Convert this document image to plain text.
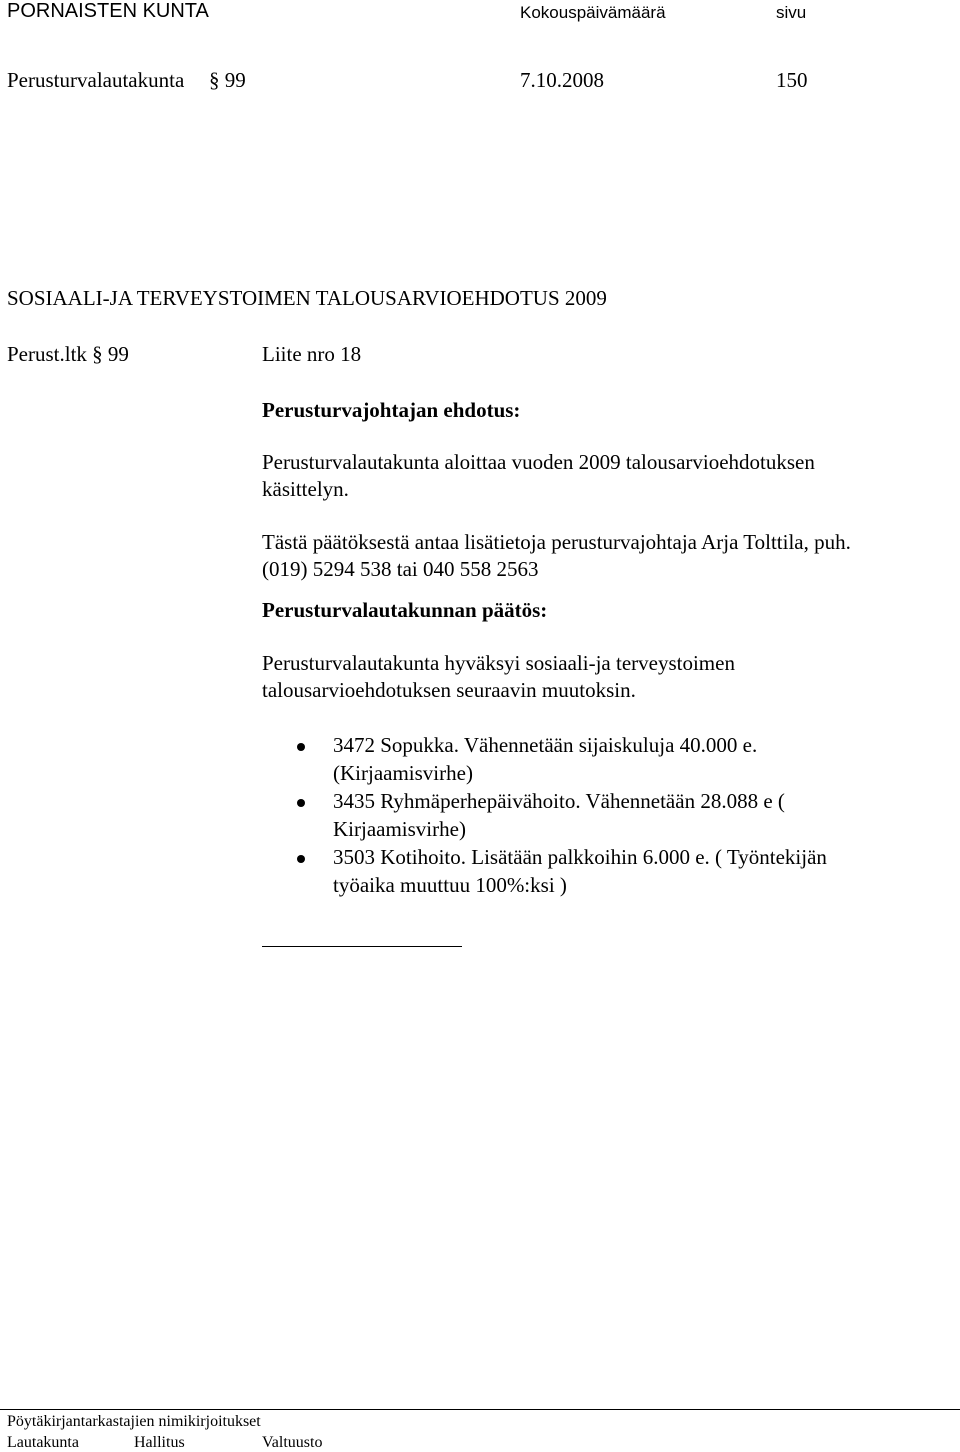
PORNAISTEN KUNTA	Kokouspäivämäärä	sivu
Perusturvalautakunta § 99	7.10.2008	150
SOSIAALI-JA TERVEYSTOIMEN TALOUSARVIOEHDOTUS 2009
Perust.ltk § 99	Liite nro 18
Perusturvajohtajan ehdotus:
Perusturvalautakunta aloittaa vuoden 2009 talousarvioehdotuksen
käsittelyn.
Tästä päätöksestä antaa lisätietoja perusturvajohtaja Arja Tolttila, puh.
(019) 5294 538 tai 040 558 2563
Perusturvalautakunnan päätös:
Perusturvalautakunta hyväksyi sosiaali-ja terveystoimen
talousarvioehdotuksen seuraavin muutoksin.
3472 Sopukka. Vähennetään sijaiskuluja 40.000 e.
(Kirjaamisvirhe)
3435 Ryhmäperhepäivähoito. Vähennetään 28.088 e (
Kirjaamisvirhe)
3503 Kotihoito. Lisätään palkkoihin 6.000 e. ( Työntekijän
työaika muuttuu 100%:ksi )
Pöytäkirjantarkastajien nimikirjoitukset
Lautakunta	Hallitus	Valtuusto
